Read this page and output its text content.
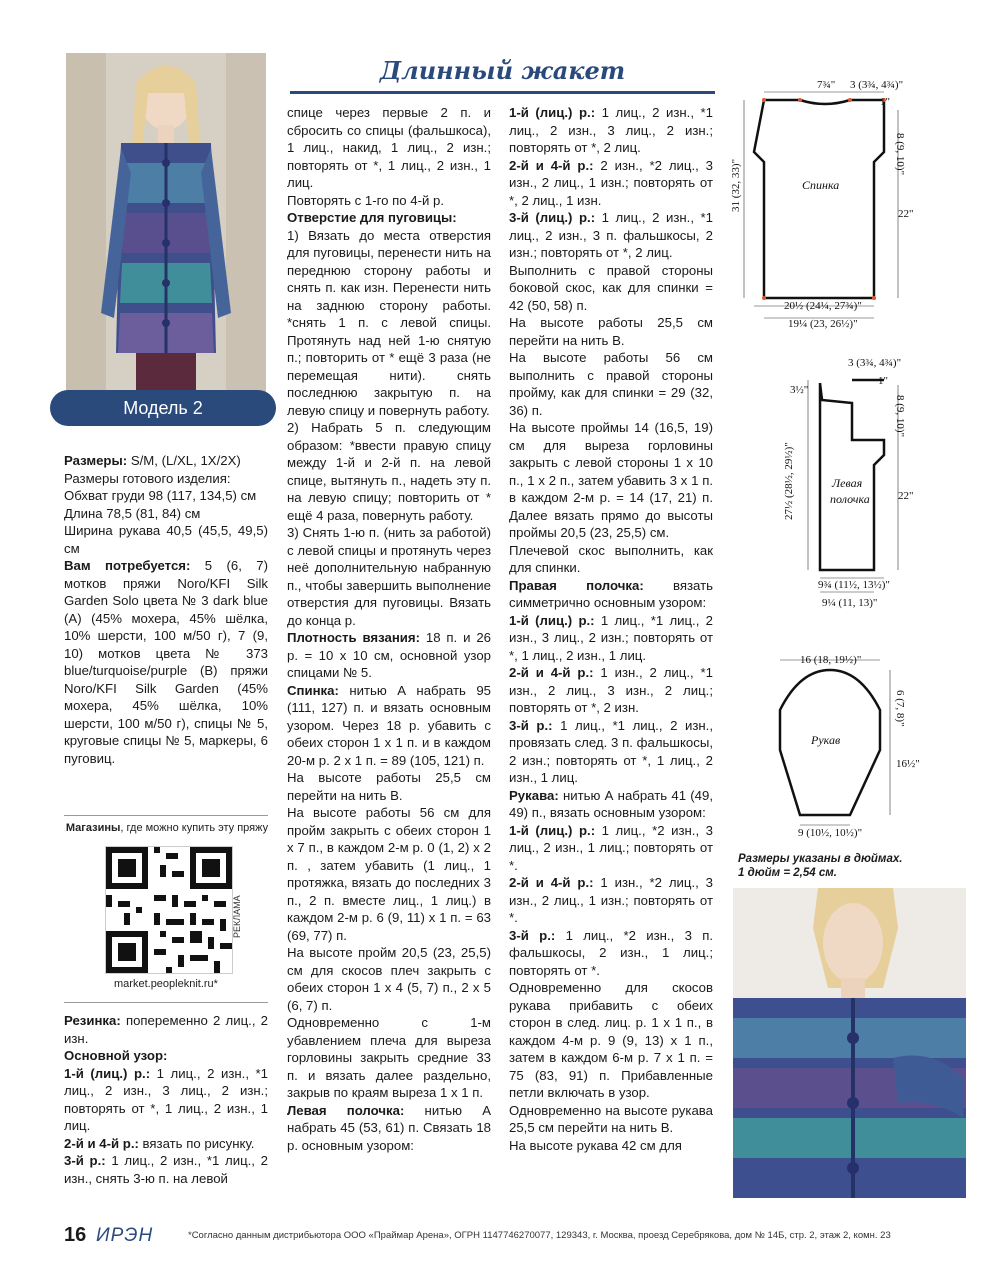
Модель 2
Длинный жакет

Размеры: S/M, (L/XL, 1X/2X)

Размеры готового изделия:

Обхват груди 98 (117, 134,5) см

Длина 78,5 (81, 84) см

Ширина рукава 40,5 (45,5, 49,5) см

Вам потребуется: 5 (6, 7) мотков пряжи Noro/KFI Silk Garden Solo цвета № 3 dark blue (А) (45% мохера, 45% шёлка, 10% шерсти, 100 м/50 г), 7 (9, 10) мотков цвета № 373 blue/turquoise/purple (В) пряжи Noro/KFI Silk Garden (45% мохера, 45% шёлка, 10% шерсти, 100 м/50 г), спицы № 5, круговые спицы № 5, маркеры, 6 пуговиц.

Магазины, где можно купить эту пряжу
РЕКЛАМА
market.peopleknit.ru*

Резинка: попеременно 2 лиц., 2 изн.

Основной узор:

1-й (лиц.) р.: 1 лиц., 2 изн., *1 лиц., 2 изн., 3 лиц., 2 изн.; повторять от *, 1 лиц., 2 изн., 1 лиц.

2-й и 4-й р.: вязать по рисунку.

3-й р.: 1 лиц., 2 изн., *1 лиц., 2 изн., снять 3-ю п. на левой

спице через первые 2 п. и сбросить со спицы (фальшкоса), 1 лиц., накид, 1 лиц., 2 изн.; повторять от *, 1 лиц., 2 изн., 1 лиц.

Повторять с 1-го по 4-й р.

Отверстие для пуговицы:

1) Вязать до места отверстия для пуговицы, перенести нить на переднюю сторону работы и снять п. как изн. Перенести нить на заднюю сторону работы. *снять 1 п. с левой спицы. Протянуть над ней 1-ю снятую п.; повторить от * ещё 3 раза (не перемещая нити). снять последнюю закрытую п. на левую спицу и повернуть работу.

2) Набрать 5 п. следующим образом: *ввести правую спицу между 1-й и 2-й п. на левой спице, вытянуть п., надеть эту п. на левую спицу; повторить от * ещё 4 раза, повернуть работу.

3) Снять 1-ю п. (нить за работой) с левой спицы и протянуть через неё дополнительную набранную п., чтобы завершить выполнение отверстия для пуговицы. Вязать до конца р.

Плотность вязания: 18 п. и 26 р. = 10 х 10 см, основной узор спицами № 5.

Спинка: нитью А набрать 95 (111, 127) п. и вязать основным узором. Через 18 р. убавить с обеих сторон 1 х 1 п. и в каждом 20-м р. 2 х 1 п. = 89 (105, 121) п.

На высоте работы 25,5 см перейти на нить В.

На высоте работы 56 см для пройм закрыть с обеих сторон 1 х 7 п., в каждом 2-м р. 0 (1, 2) х 2 п. , затем убавить (1 лиц., 1 протяжка, вязать до последних 3 п., 2 п. вместе лиц., 1 лиц.) в каждом 2-м р. 6 (9, 11) х 1 п. = 63 (69, 77) п.

На высоте пройм 20,5 (23, 25,5) см для скосов плеч закрыть с обеих сторон 1 х 4 (5, 7) п., 2 х 5 (6, 7) п.

Одновременно с 1-м убавлением плеча для выреза горловины закрыть средние 33 п. и вязать далее раздельно, закрыв по краям выреза 1 х 1 п.

Левая полочка: нитью А набрать 45 (53, 61) п. Связать 18 р. основным узором:

1-й (лиц.) р.: 1 лиц., 2 изн., *1 лиц., 2 изн., 3 лиц., 2 изн.; повторять от *, 2 лиц.

2-й и 4-й р.: 2 изн., *2 лиц., 3 изн., 2 лиц., 1 изн.; повторять от *, 2 лиц., 1 изн.

3-й (лиц.) р.: 1 лиц., 2 изн., *1 лиц., 2 изн., 3 п. фальшкосы, 2 изн.; повторять от *, 2 лиц.

Выполнить с правой стороны боковой скос, как для спинки = 42 (50, 58) п.

На высоте работы 25,5 см перейти на нить В.

На высоте работы 56 см выполнить с правой стороны пройму, как для спинки = 29 (32, 36) п.

На высоте проймы 14 (16,5, 19) см для выреза горловины закрыть с левой стороны 1 х 10 п., 1 х 2 п., затем убавить 3 х 1 п. в каждом 2-м р. = 14 (17, 21) п. Далее вязать прямо до высоты проймы 20,5 (23, 25,5) см.

Плечевой скос выполнить, как для спинки.

Правая полочка: вязать симметрично основным узором:

1-й (лиц.) р.: 1 лиц., *1 лиц., 2 изн., 3 лиц., 2 изн.; повторять от *, 1 лиц., 2 изн., 1 лиц.

2-й и 4-й р.: 1 изн., 2 лиц., *1 изн., 2 лиц., 3 изн., 2 лиц.; повторять от *, 2 изн.

3-й р.: 1 лиц., *1 лиц., 2 изн., провязать след. 3 п. фальшкосы, 2 изн.; повторять от *, 1 лиц., 2 изн., 1 лиц.

Рукава: нитью А набрать 41 (49, 49) п., вязать основным узором:

1-й (лиц.) р.: 1 лиц., *2 изн., 3 лиц., 2 изн., 1 лиц.; повторять от *.

2-й и 4-й р.: 1 изн., *2 лиц., 3 изн., 2 лиц., 1 изн.; повторять от *.

3-й р.: 1 лиц., *2 изн., 3 п. фальшкосы, 2 изн., 1 лиц.; повторять от *.

Одновременно для скосов рукава прибавить с обеих сторон в след. лиц. р. 1 х 1 п., в каждом 4-м р. 9 (9, 13) х 1 п., затем в каждом 6-м р. 7 х 1 п. = 75 (83, 91) п. Прибавленные петли включать в узор.

Одновременно на высоте рукава 25,5 см перейти на нить В.

На высоте рукава 42 см для

7¾" 3 (3¾, 4¾)"
1"
8 (9, 10)"
31 (32, 33)"
22"
Спинка
20½ (24¼, 27¾)"
19¼ (23, 26½)"
3 (3¾, 4¾)"
3½"
1"
8 (9, 10)"
27½ (28½, 29½)"	22"
Левая
полочка
9¾ (11½, 13½)"
9¼ (11, 13)"
16 (18, 19½)"
6 (7, 8)"
16½"
Рукав
9 (10½, 10½)"
Размеры указаны в дюймах.
1 дюйм = 2,54 см.
16 ИРЭН	*Согласно данным дистрибьютора ООО «Праймар Арена», ОГРН 1147746270077, 129343, г. Москва, проезд Серебрякова, дом № 14Б, стр. 2, этаж 2, комн. 23
